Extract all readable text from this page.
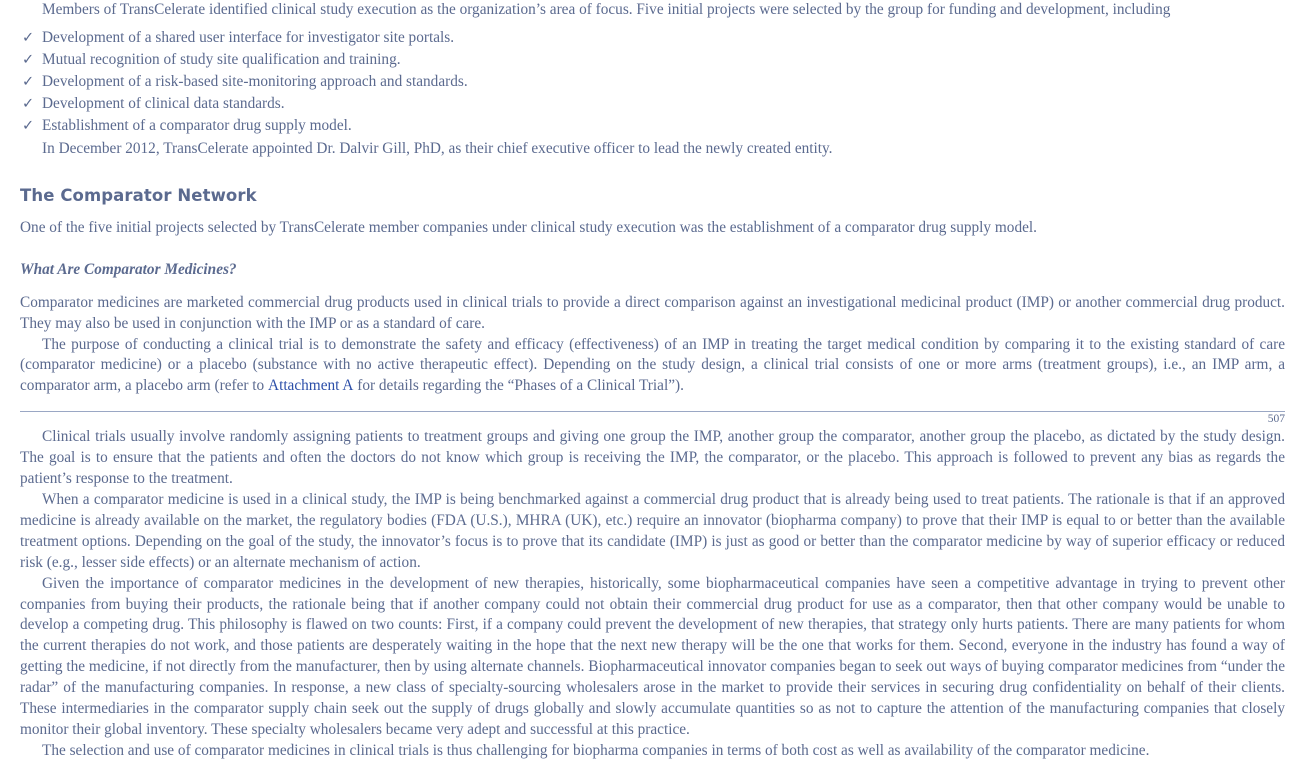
Members of TransCelerate identified clinical study execution as the organization’s area of focus. Five initial projects were selected by the group for funding and development, including

✓ Development of a shared user interface for investigator site portals.
✓ Mutual recognition of study site qualification and training.
✓ Development of a risk-based site-monitoring approach and standards.
✓ Development of clinical data standards.
✓ Establishment of a comparator drug supply model.

In December 2012, TransCelerate appointed Dr. Dalvir Gill, PhD, as their chief executive officer to lead the newly created entity.

The Comparator Network

One of the five initial projects selected by TransCelerate member companies under clinical study execution was the establishment of a comparator drug supply model.

What Are Comparator Medicines?

Comparator medicines are marketed commercial drug products used in clinical trials to provide a direct comparison against an investigational medicinal product (IMP) or another commercial drug product. They may also be used in conjunction with the IMP or as a standard of care.

The purpose of conducting a clinical trial is to demonstrate the safety and efficacy (effectiveness) of an IMP in treating the target medical condition by comparing it to the existing standard of care (comparator medicine) or a placebo (substance with no active therapeutic effect). Depending on the study design, a clinical trial consists of one or more arms (treatment groups), i.e., an IMP arm, a comparator arm, a placebo arm (refer to Attachment A for details regarding the “Phases of a Clinical Trial”).

507

Clinical trials usually involve randomly assigning patients to treatment groups and giving one group the IMP, another group the comparator, another group the placebo, as dictated by the study design. The goal is to ensure that the patients and often the doctors do not know which group is receiving the IMP, the comparator, or the placebo. This approach is followed to prevent any bias as regards the patient’s response to the treatment.

When a comparator medicine is used in a clinical study, the IMP is being benchmarked against a commercial drug product that is already being used to treat patients. The rationale is that if an approved medicine is already available on the market, the regulatory bodies (FDA (U.S.), MHRA (UK), etc.) require an innovator (biopharma company) to prove that their IMP is equal to or better than the available treatment options. Depending on the goal of the study, the innovator’s focus is to prove that its candidate (IMP) is just as good or better than the comparator medicine by way of superior efficacy or reduced risk (e.g., lesser side effects) or an alternate mechanism of action.

Given the importance of comparator medicines in the development of new therapies, historically, some biopharmaceutical companies have seen a competitive advantage in trying to prevent other companies from buying their products, the rationale being that if another company could not obtain their commercial drug product for use as a comparator, then that other company would be unable to develop a competing drug. This philosophy is flawed on two counts: First, if a company could prevent the development of new therapies, that strategy only hurts patients. There are many patients for whom the current therapies do not work, and those patients are desperately waiting in the hope that the next new therapy will be the one that works for them. Second, everyone in the industry has found a way of getting the medicine, if not directly from the manufacturer, then by using alternate channels. Biopharmaceutical innovator companies began to seek out ways of buying comparator medicines from “under the radar” of the manufacturing companies. In response, a new class of specialty-sourcing wholesalers arose in the market to provide their services in securing drug confidentiality on behalf of their clients. These intermediaries in the comparator supply chain seek out the supply of drugs globally and slowly accumulate quantities so as not to capture the attention of the manufacturing companies that closely monitor their global inventory. These specialty wholesalers became very adept and successful at this practice.

The selection and use of comparator medicines in clinical trials is thus challenging for biopharma companies in terms of both cost as well as availability of the comparator medicine.
